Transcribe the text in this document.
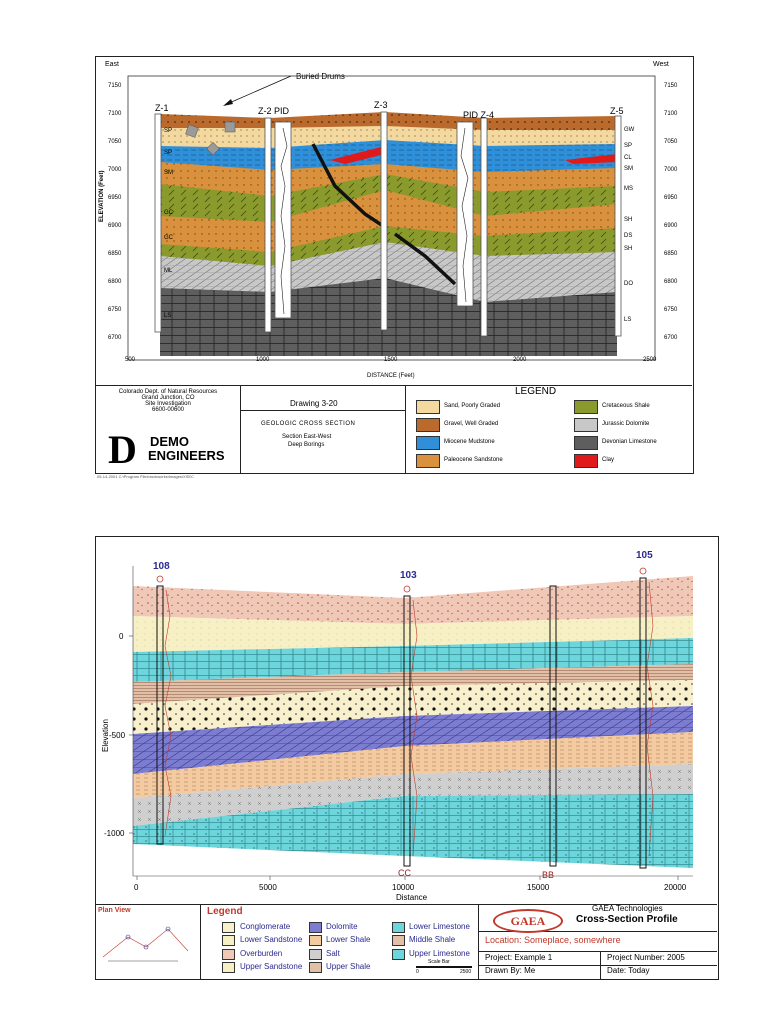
East	West
Buried Drums
Z-1	Z-2 PID
Z-3
PID Z-4	Z-5
7150
7100
7050
7000
6950
6900
6850
6800
6750
6700
7150
7100
7050
7000
6950
6900
6850
6800
6750
6700
SP
SP
SM
GC
GC
ML
LS
GW
SP
CL
SM
MS
SH
DS
SH
DO
LS
ELEVATION (Feet)
500	1000	1500	2000	2500
DISTANCE (Feet)
Colorado Dept. of Natural Resources
Grand Junction, CO
Site Investigation
6600-00600
D DEMO
ENGINEERS
Drawing 3-20
GEOLOGIC CROSS SECTION
Section East-West
Deep Borings
LEGEND
Sand, Poorly Graded
Gravel, Well Graded
Miocene Mudstone
Paleocene Sandstone
Cretaceous Shale
Jurassic Dolomite
Devonian Limestone
Clay
05-14-2001 C:\Program Files\rockworks\Images\XSEC
108
103
105
CC	BB
0
-500
-1000
Elevation
0	5000	10000	15000	20000
Distance
Plan View	Legend
Conglomerate
Lower Sandstone
Overburden
Upper Sandstone
Dolomite
Lower Shale
Salt
Upper Shale
Lower Limestone
Middle Shale
Upper Limestone
Scale Bar
0	2500
GAEA
GAEA Technologies
Cross-Section Profile
Location: Someplace, somewhere
Project: Example 1	Project Number: 2005
Drawn By: Me	Date: Today
